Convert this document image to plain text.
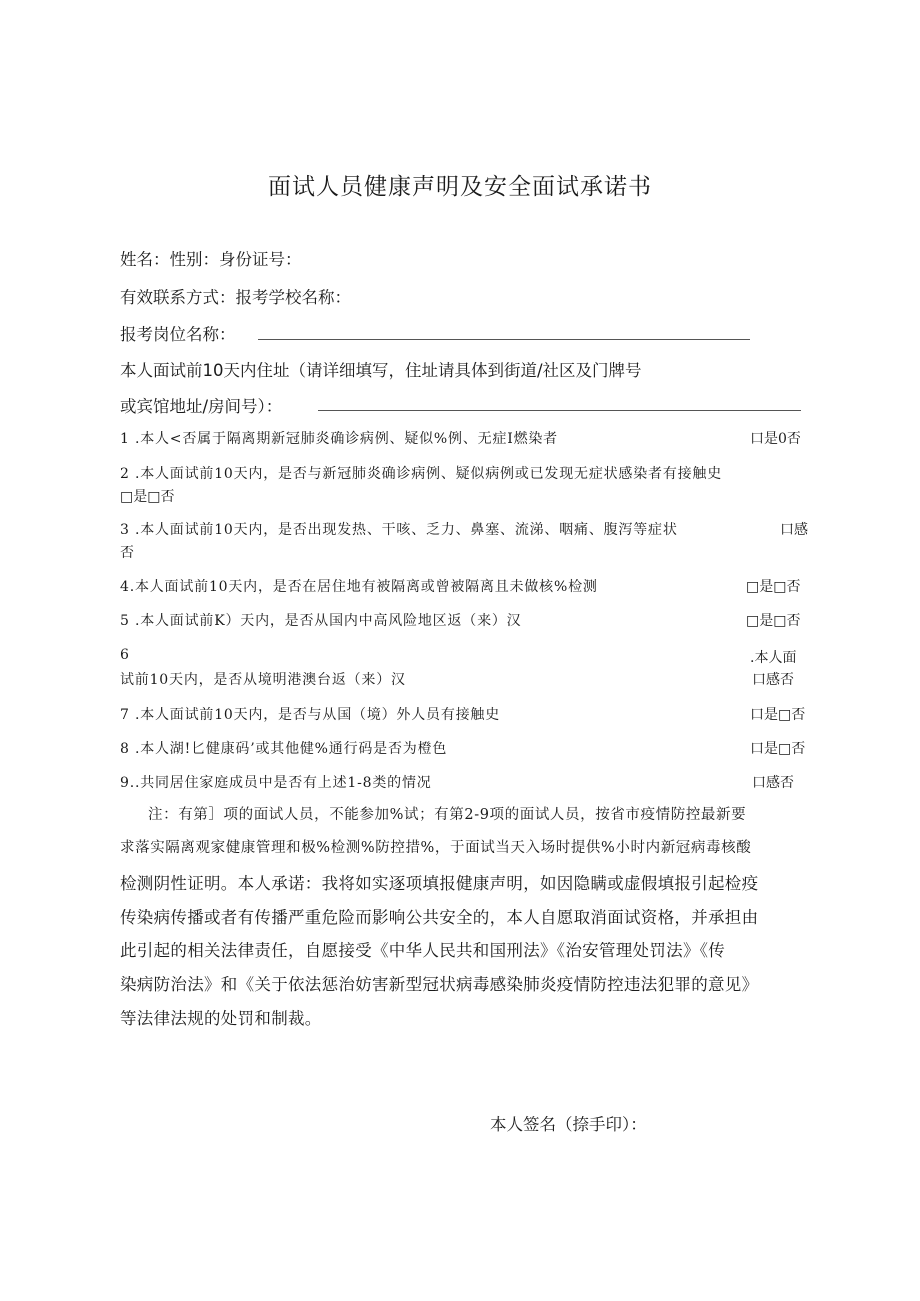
面试人员健康声明及安全面试承诺书
姓名：性别：身份证号：
有效联系方式：报考学校名称：
报考岗位名称：
本人面试前10天内住址（请详细填写，住址请具体到街道/社区及门牌号
或宾馆地址/房间号）：
1 .本人<否属于隔离期新冠肺炎确诊病例、疑似%例、无症I燃染者	口是0否
2 .本人面试前10天内，是否与新冠肺炎确诊病例、疑似病例或已发现无症状感染者有接触史
□是□否
3 .本人面试前10天内，是否出现发热、干咳、乏力、鼻塞、流涕、咽痛、腹泻等症状	口感
否
4.本人面试前10天内，是否在居住地有被隔离或曾被隔离且未做核%检测	□是□否
5 .本人面试前K）天内，是否从国内中高风险地区返（来）汉	□是□否
6	.本人面
试前10天内，是否从境明港澳台返（来）汉	口感否
7 .本人面试前10天内，是否与从国（境）外人员有接触史	口是□否
8 .本人湖!匕健康码’或其他健%通行码是否为橙色	口是□否
9..共同居住家庭成员中是否有上述1-8类的情况	口感否
注：有第］项的面试人员，不能参加%试；有第2-9项的面试人员，按省市疫情防控最新要
求落实隔离观家健康管理和极%检测%防控措%，于面试当天入场时提供%小时内新冠病毒核酸
检测阴性证明。本人承诺：我将如实逐项填报健康声明，如因隐瞒或虚假填报引起检疫
传染病传播或者有传播严重危险而影响公共安全的，本人自愿取消面试资格，并承担由
此引起的相关法律责任，自愿接受《中华人民共和国刑法》《治安管理处罚法》《传
染病防治法》和《关于依法惩治妨害新型冠状病毒感染肺炎疫情防控违法犯罪的意见》
等法律法规的处罚和制裁。
本人签名（捺手印）：
